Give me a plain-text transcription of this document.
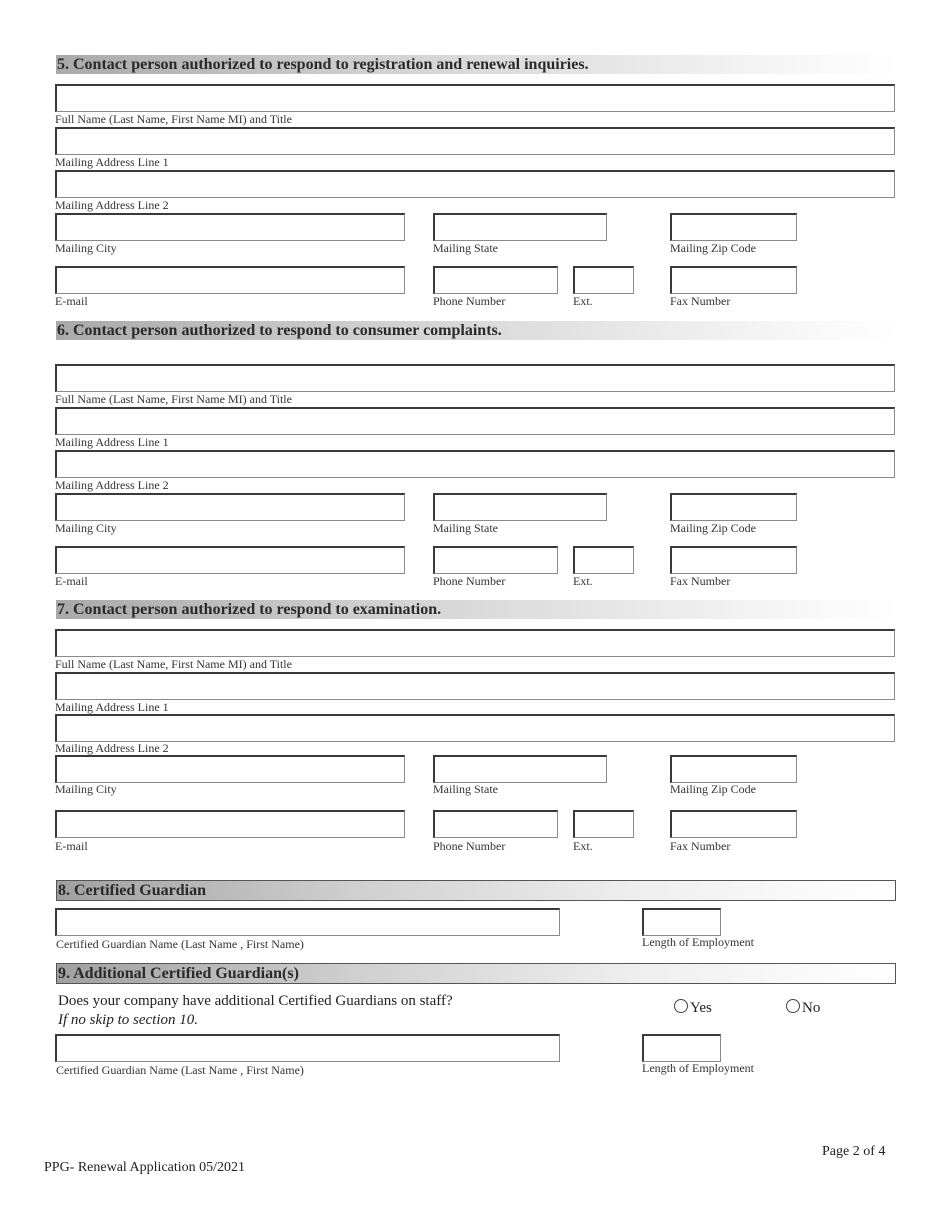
5. Contact person authorized to respond to registration and renewal inquiries.
Full Name (Last Name, First Name MI) and Title
Mailing Address Line 1
Mailing Address Line 2
Mailing City	Mailing State	Mailing Zip Code
E-mail	Phone Number	Ext.	Fax Number
6. Contact person authorized to respond to consumer complaints.
Full Name (Last Name, First Name MI) and Title
Mailing Address Line 1
Mailing Address Line 2
Mailing City	Mailing State	Mailing Zip Code
E-mail	Phone Number	Ext.	Fax Number
7. Contact person authorized to respond to examination.
Full Name (Last Name, First Name MI) and Title
Mailing Address Line 1
Mailing Address Line 2
Mailing City	Mailing State	Mailing Zip Code
E-mail	Phone Number	Ext.	Fax Number
8. Certified Guardian
Certified Guardian Name (Last Name , First Name)	Length of Employment
9. Additional Certified Guardian(s)
Does your company have additional Certified Guardians on staff?
If no skip to section 10.
Yes	No
Certified Guardian Name (Last Name , First Name)	Length of Employment
Page 2 of 4
PPG- Renewal Application 05/2021
